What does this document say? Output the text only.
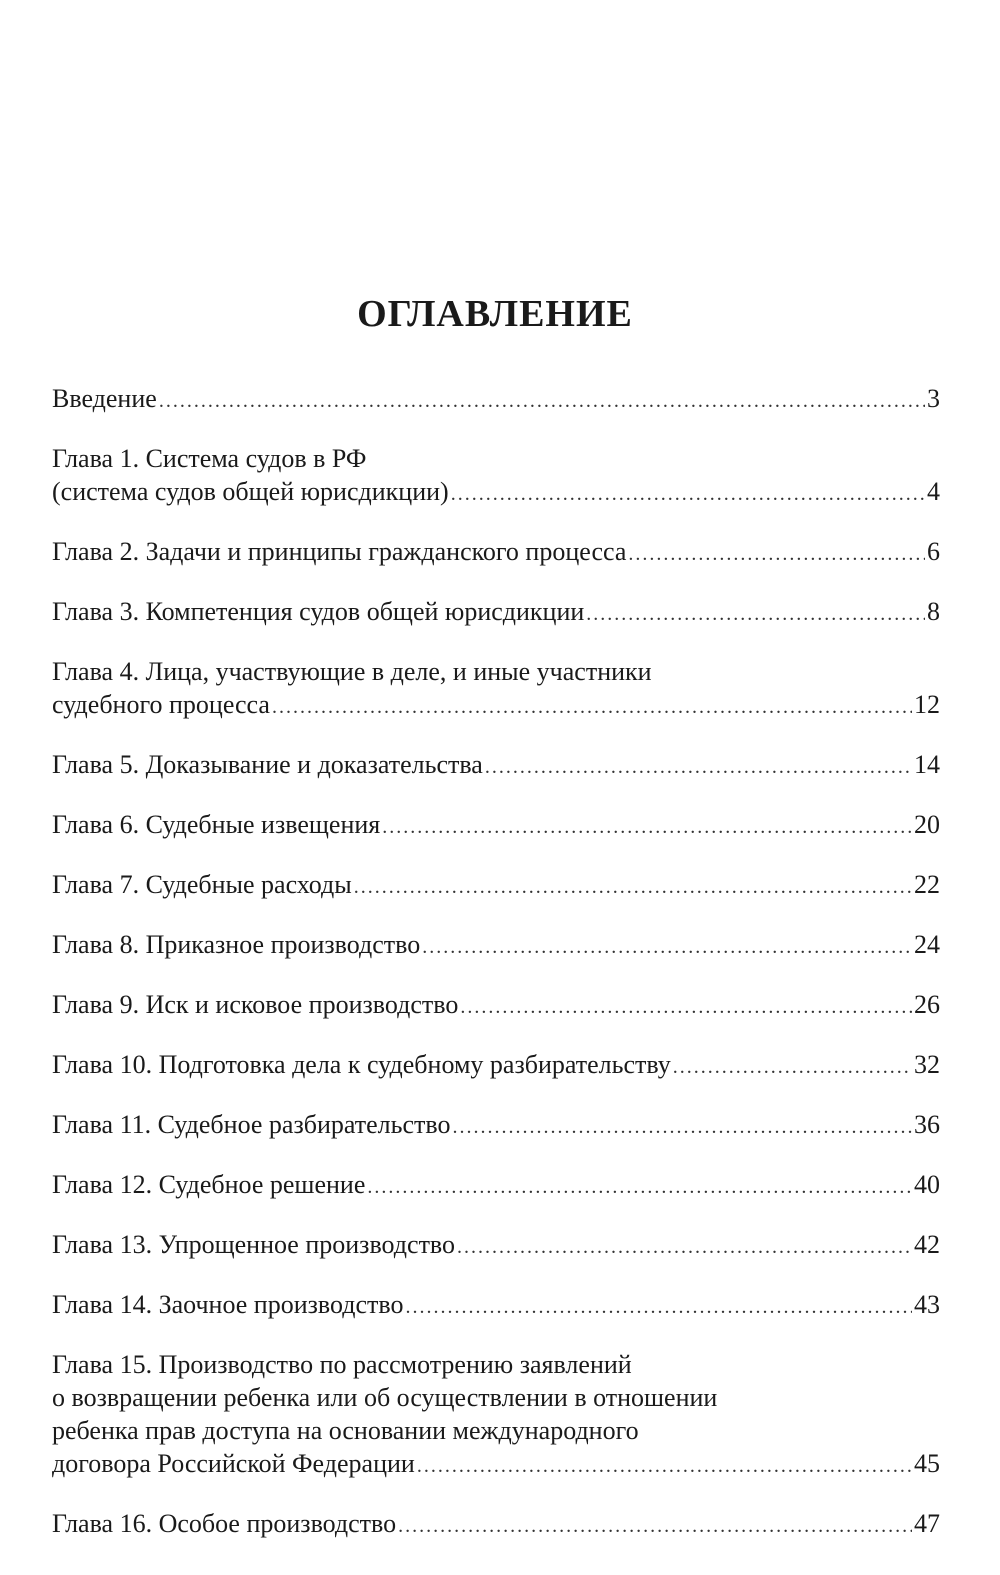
ОГЛАВЛЕНИЕ
Введение .....	3
Глава 1. Система судов в РФ
(система судов общей юрисдикции) .....	4
Глава 2. Задачи и принципы гражданского процесса .....	6
Глава 3. Компетенция судов общей юрисдикции .....	8
Глава 4. Лица, участвующие в деле, и иные участники
судебного процесса .....	12
Глава 5. Доказывание и доказательства .....	14
Глава 6. Судебные извещения .....	20
Глава 7. Судебные расходы .....	22
Глава 8. Приказное производство .....	24
Глава 9. Иск и исковое производство .....	26
Глава 10. Подготовка дела к судебному разбирательству .....	32
Глава 11. Судебное разбирательство .....	36
Глава 12. Судебное решение .....	40
Глава 13. Упрощенное производство .....	42
Глава 14. Заочное производство .....	43
Глава 15. Производство по рассмотрению заявлений
о возвращении ребенка или об осуществлении в отношении
ребенка прав доступа на основании международного
договора Российской Федерации .....	45
Глава 16. Особое производство .....	47
